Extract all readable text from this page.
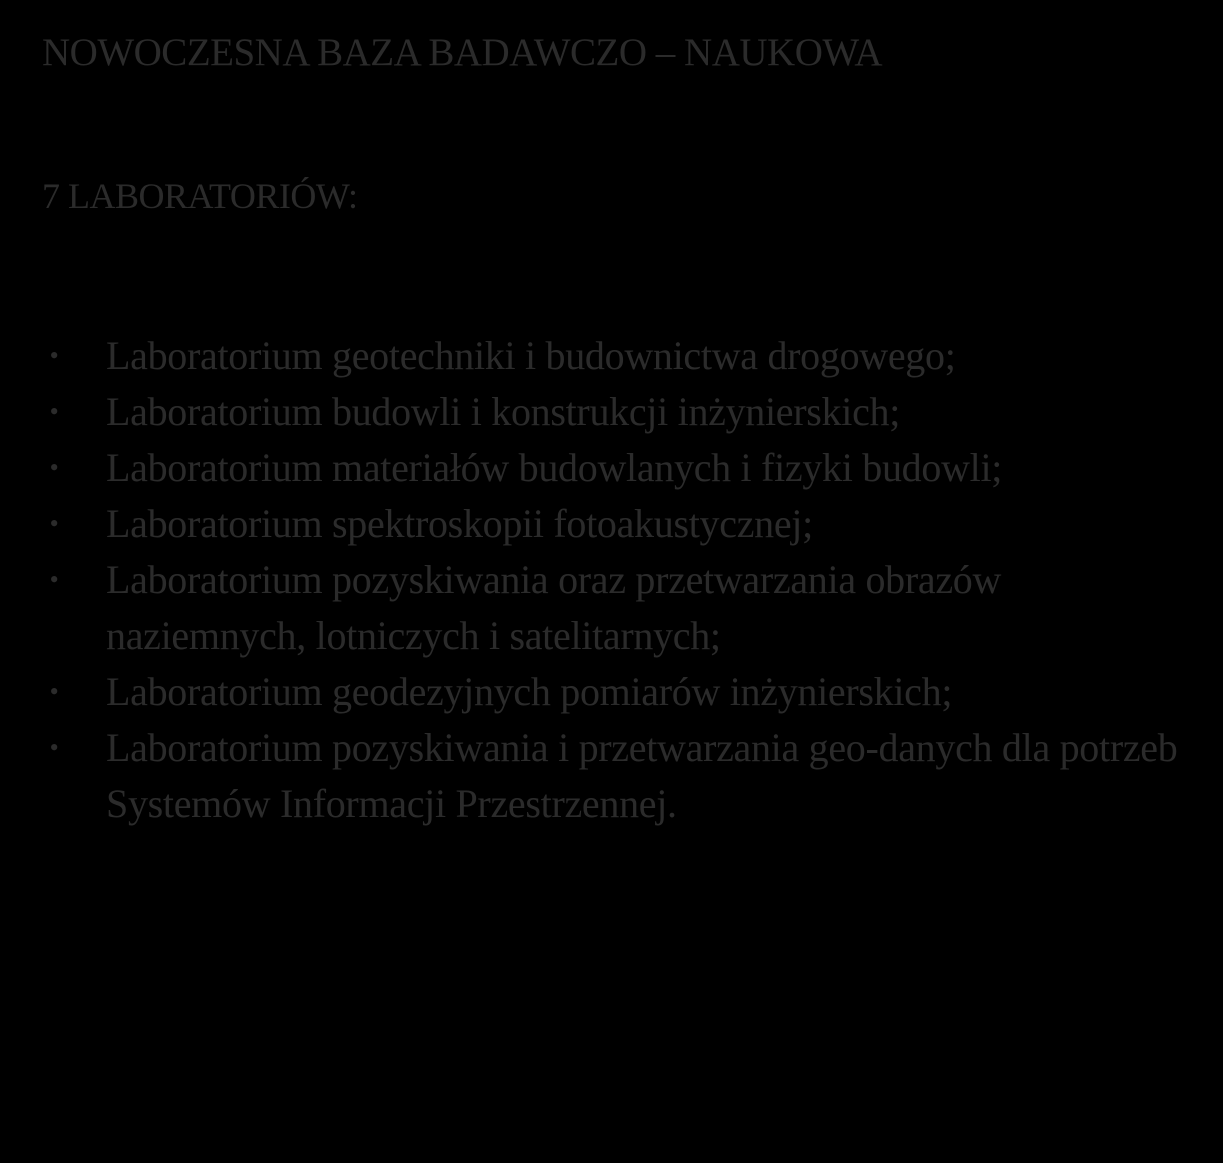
NOWOCZESNA BAZA BADAWCZO – NAUKOWA
7 LABORATORIÓW:
• Laboratorium geotechniki i budownictwa drogowego;
• Laboratorium budowli i konstrukcji inżynierskich;
• Laboratorium materiałów budowlanych i fizyki budowli;
• Laboratorium spektroskopii fotoakustycznej;
• Laboratorium pozyskiwania oraz przetwarzania obrazów naziemnych, lotniczych i satelitarnych;
• Laboratorium geodezyjnych pomiarów inżynierskich;
• Laboratorium pozyskiwania i przetwarzania geo-danych dla potrzeb Systemów Informacji Przestrzennej.
